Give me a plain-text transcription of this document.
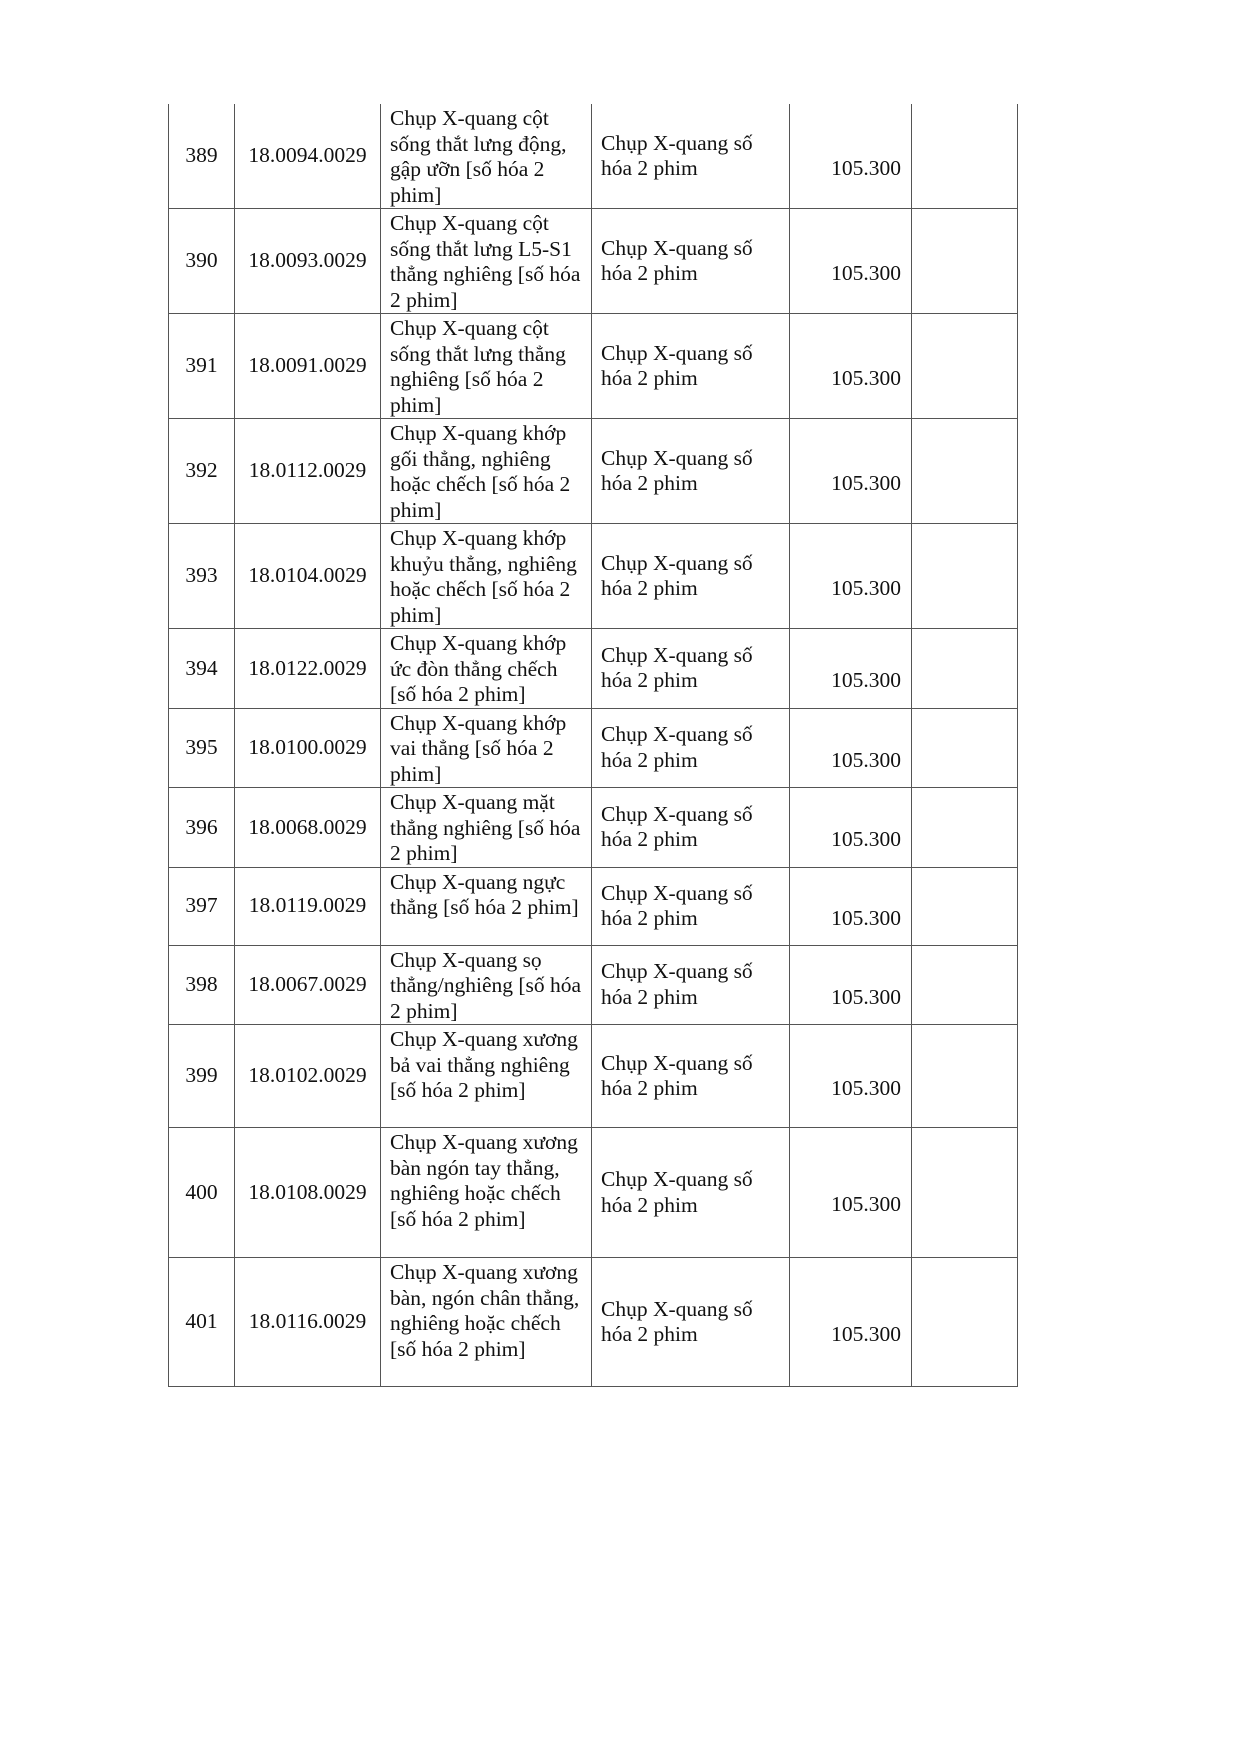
389	18.0094.0029	Chụp X-quang cột sống thắt lưng động, gập ưỡn [số hóa 2 phim]	Chụp X-quang số hóa 2 phim	105.300	
390	18.0093.0029	Chụp X-quang cột sống thắt lưng L5-S1 thẳng nghiêng [số hóa 2 phim]	Chụp X-quang số hóa 2 phim	105.300	
391	18.0091.0029	Chụp X-quang cột sống thắt lưng thẳng nghiêng [số hóa 2 phim]	Chụp X-quang số hóa 2 phim	105.300	
392	18.0112.0029	Chụp X-quang khớp gối thẳng, nghiêng hoặc chếch [số hóa 2 phim]	Chụp X-quang số hóa 2 phim	105.300	
393	18.0104.0029	Chụp X-quang khớp khuỷu thẳng, nghiêng hoặc chếch [số hóa 2 phim]	Chụp X-quang số hóa 2 phim	105.300	
394	18.0122.0029	Chụp X-quang khớp ức đòn thẳng chếch [số hóa 2 phim]	Chụp X-quang số hóa 2 phim	105.300	
395	18.0100.0029	Chụp X-quang khớp vai thẳng [số hóa 2 phim]	Chụp X-quang số hóa 2 phim	105.300	
396	18.0068.0029	Chụp X-quang mặt thẳng nghiêng [số hóa 2 phim]	Chụp X-quang số hóa 2 phim	105.300	
397	18.0119.0029	Chụp X-quang ngực thẳng [số hóa 2 phim]	Chụp X-quang số hóa 2 phim	105.300	
398	18.0067.0029	Chụp X-quang sọ thẳng/nghiêng [số hóa 2 phim]	Chụp X-quang số hóa 2 phim	105.300	
399	18.0102.0029	Chụp X-quang xương bả vai thẳng nghiêng [số hóa 2 phim]	Chụp X-quang số hóa 2 phim	105.300	
400	18.0108.0029	Chụp X-quang xương bàn ngón tay thẳng, nghiêng hoặc chếch [số hóa 2 phim]	Chụp X-quang số hóa 2 phim	105.300	
401	18.0116.0029	Chụp X-quang xương bàn, ngón chân thẳng, nghiêng hoặc chếch [số hóa 2 phim]	Chụp X-quang số hóa 2 phim	105.300	
